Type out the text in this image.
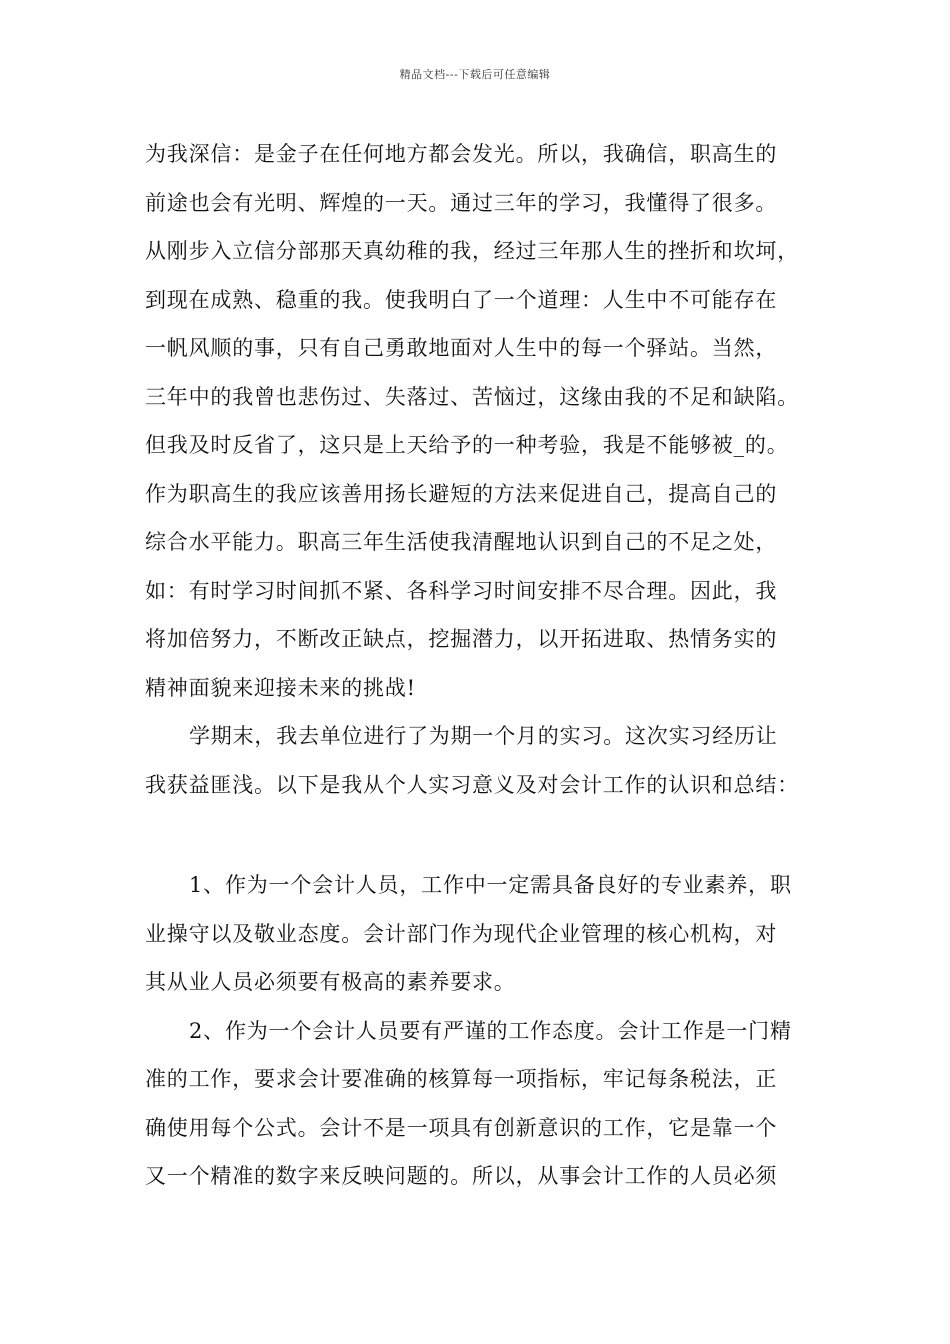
精品文档---下载后可任意编辑
为我深信：是金子在任何地方都会发光。所以，我确信，职高生的
前途也会有光明、辉煌的一天。通过三年的学习，我懂得了很多。
从刚步入立信分部那天真幼稚的我，经过三年那人生的挫折和坎坷，
到现在成熟、稳重的我。使我明白了一个道理：人生中不可能存在
一帆风顺的事，只有自己勇敢地面对人生中的每一个驿站。当然，
三年中的我曾也悲伤过、失落过、苦恼过，这缘由我的不足和缺陷。
但我及时反省了，这只是上天给予的一种考验，我是不能够被_的。
作为职高生的我应该善用扬长避短的方法来促进自己，提高自己的
综合水平能力。职高三年生活使我清醒地认识到自己的不足之处，
如：有时学习时间抓不紧、各科学习时间安排不尽合理。因此，我
将加倍努力，不断改正缺点，挖掘潜力，以开拓进取、热情务实的
精神面貌来迎接未来的挑战!
学期末，我去单位进行了为期一个月的实习。这次实习经历让
我获益匪浅。以下是我从个人实习意义及对会计工作的认识和总结：
1、作为一个会计人员，工作中一定需具备良好的专业素养，职
业操守以及敬业态度。会计部门作为现代企业管理的核心机构，对
其从业人员必须要有极高的素养要求。
2、作为一个会计人员要有严谨的工作态度。会计工作是一门精
准的工作，要求会计要准确的核算每一项指标，牢记每条税法，正
确使用每个公式。会计不是一项具有创新意识的工作，它是靠一个
又一个精准的数字来反映问题的。所以，从事会计工作的人员必须
